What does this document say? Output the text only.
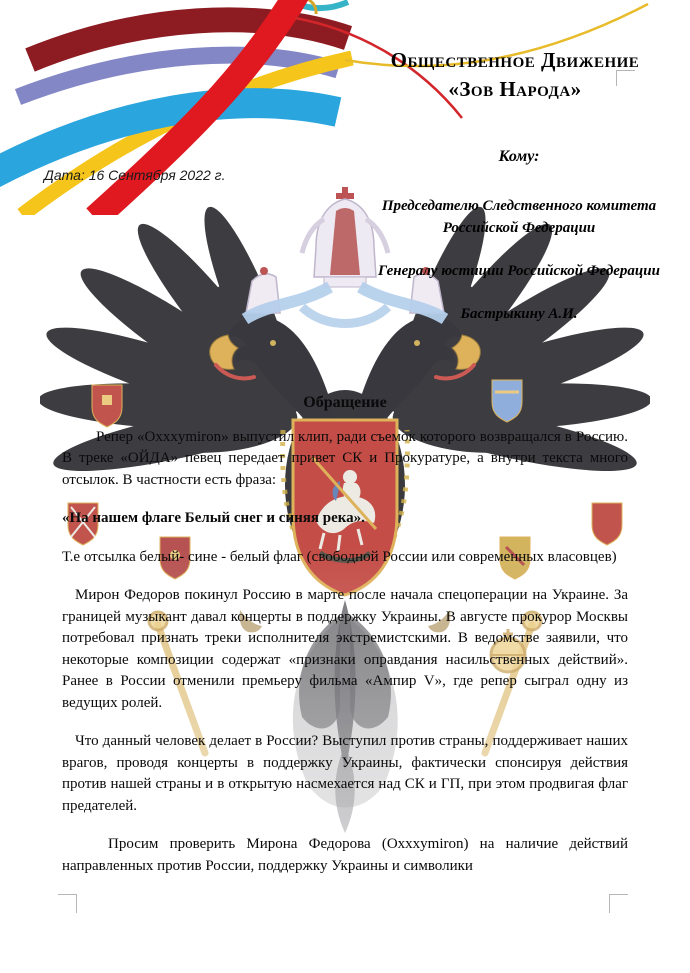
Общественное Движение
«Зов Народа»
Дата: 16 Сентября 2022 г.
Кому:

Председателю Следственного комитета Российской Федерации

Генералу юстиции Российской Федерации

Бастрыкину А.И.

Обращение

Репер «Oxxxymiron» выпустил клип, ради съемок которого возвращался в Россию. В треке «ОЙДА» певец передает привет СК и Прокуратуре, а внутри текста много отсылок. В частности есть фраза:

«На нашем флаге Белый снег и синяя река».

Т.е отсылка белый- сине - белый флаг (свободной России или современных власовцев)

Мирон Федоров покинул Россию в марте после начала спецоперации на Украине. За границей музыкант давал концерты в поддержку Украины. В августе прокурор Москвы потребовал признать треки исполнителя экстремистскими. В ведомстве заявили, что некоторые композиции содержат «признаки оправдания насильственных действий». Ранее в России отменили премьеру фильма «Ампир V», где репер сыграл одну из ведущих ролей.

Что данный человек делает в России? Выступил против страны, поддерживает наших врагов, проводя концерты в поддержку Украины, фактически спонсируя действия против нашей страны и в открытую насмехается над СК и ГП, при этом продвигая флаг предателей.

Просим проверить Мирона Федорова (Oxxxymiron) на наличие действий направленных против России, поддержку Украины и символики
